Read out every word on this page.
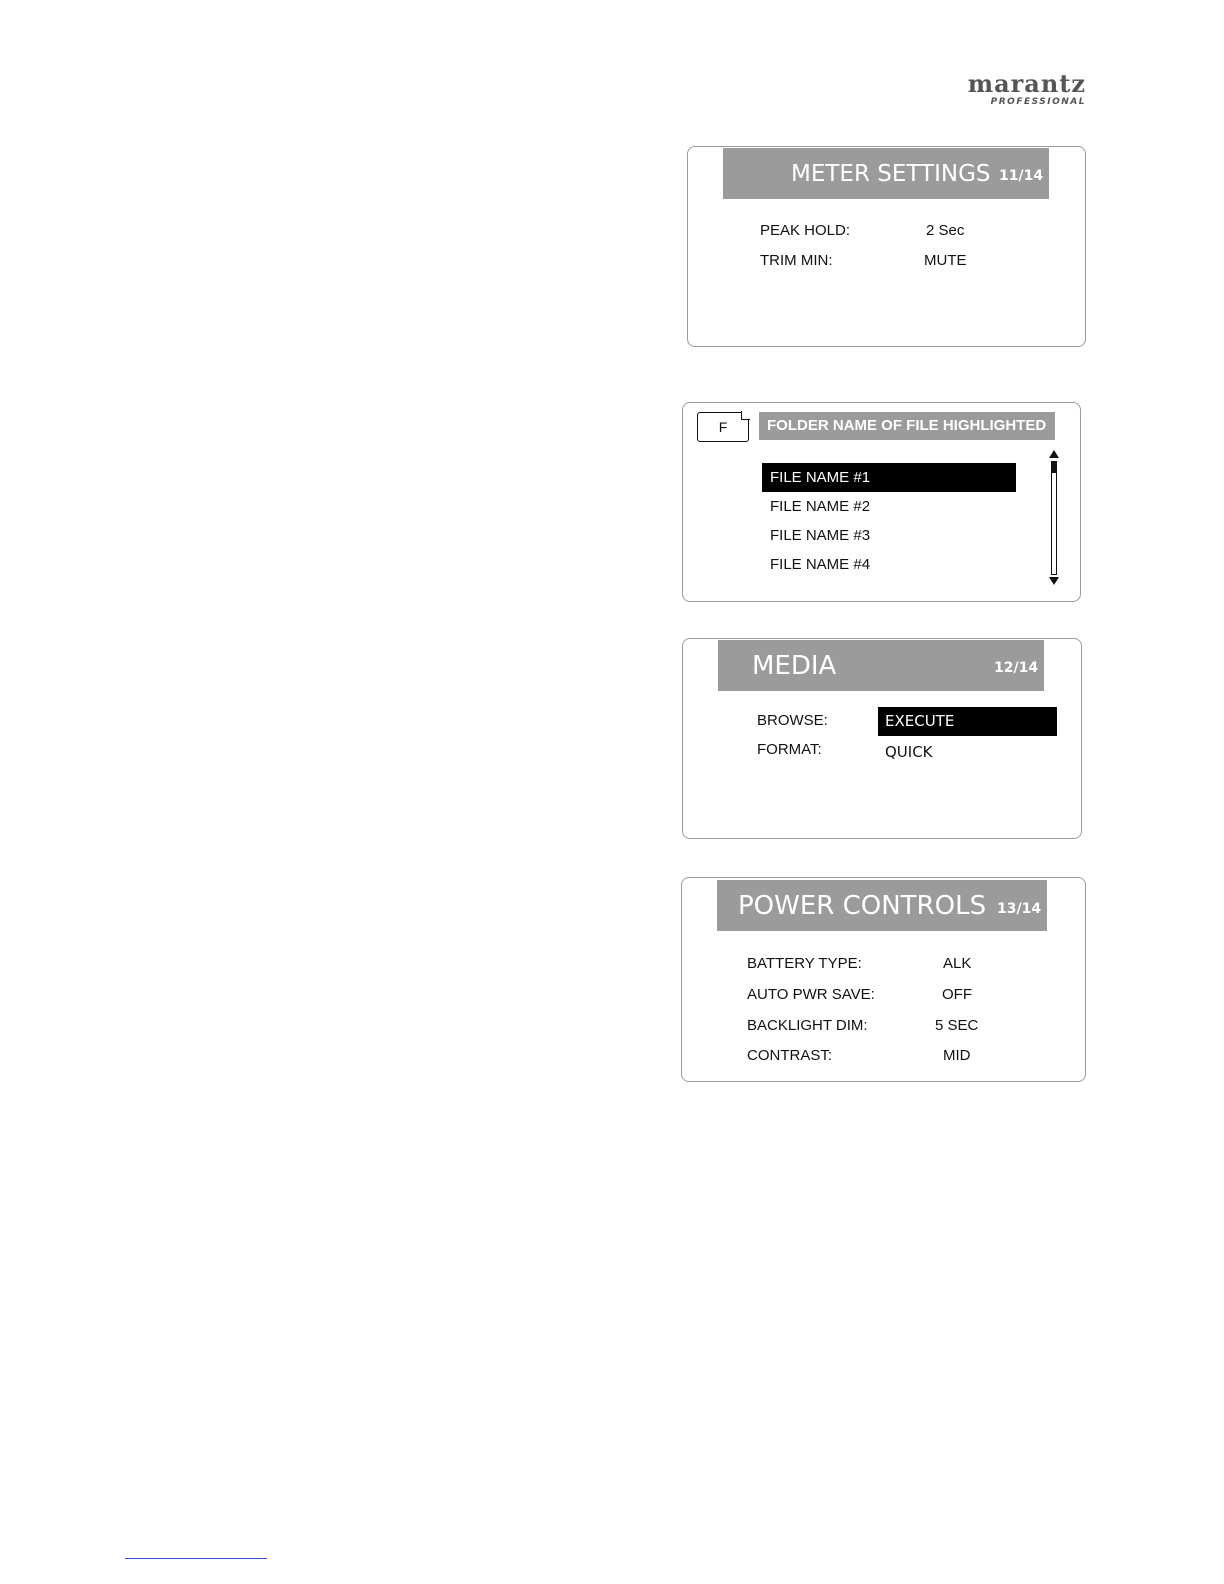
marantz
PROFESSIONAL
METER SETTINGS 11/14
PEAK HOLD:	2 Sec
TRIM MIN:	MUTE
F	FOLDER NAME OF FILE HIGHLIGHTED
FILE NAME #1
FILE NAME #2
FILE NAME #3
FILE NAME #4
MEDIA	12/14
BROWSE:	EXECUTE
FORMAT:	QUICK
POWER CONTROLS 13/14
BATTERY TYPE:	ALK
AUTO PWR SAVE:	OFF
BACKLIGHT DIM:	5 SEC
CONTRAST:	MID
